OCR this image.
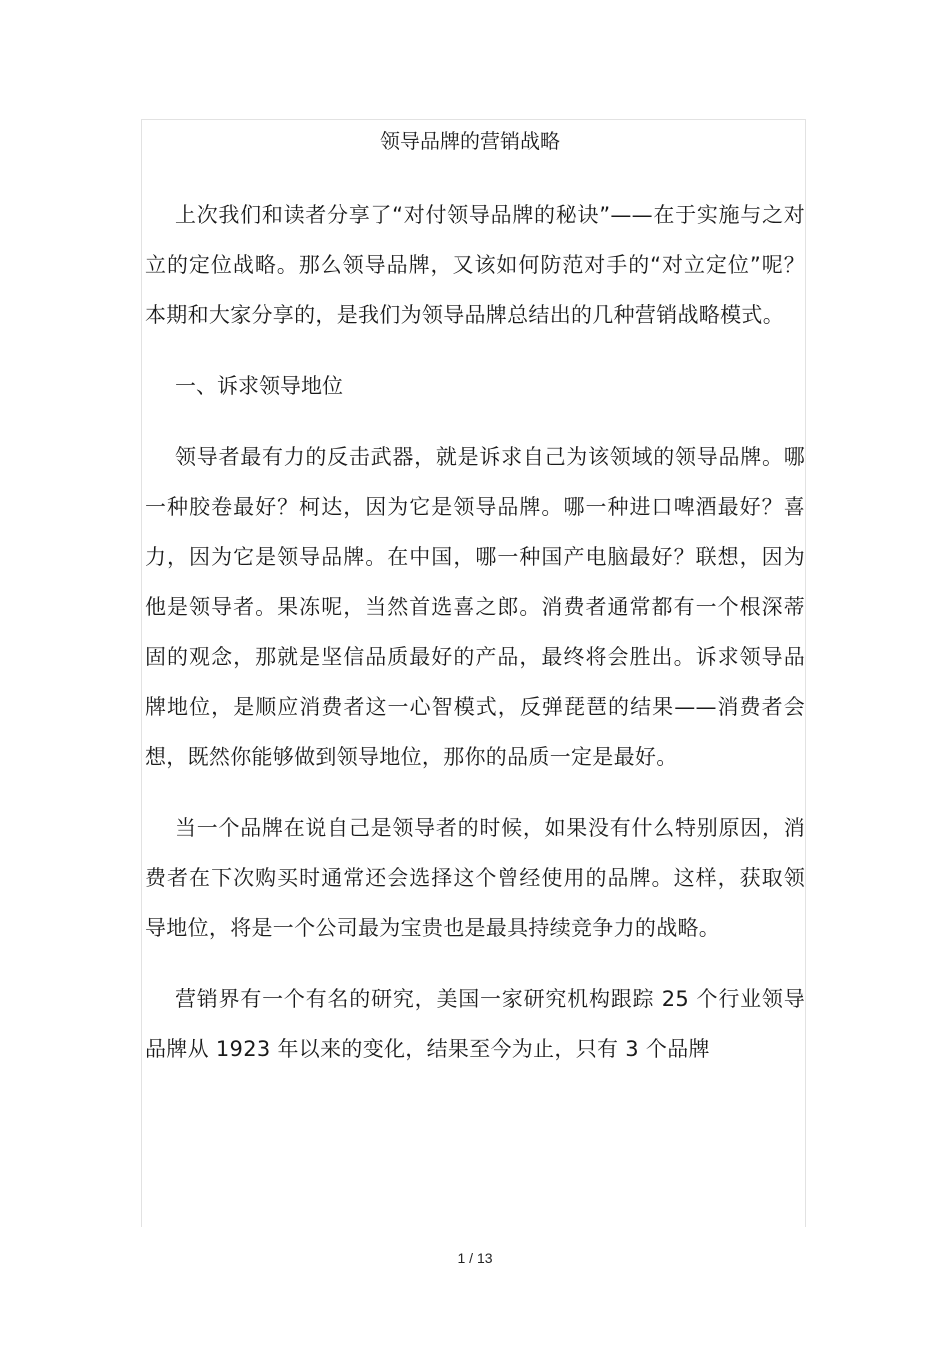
领导品牌的营销战略

上次我们和读者分享了“对付领导品牌的秘诀”——在于实施与之对立的定位战略。那么领导品牌，又该如何防范对手的“对立定位”呢？本期和大家分享的，是我们为领导品牌总结出的几种营销战略模式。

一、诉求领导地位

领导者最有力的反击武器，就是诉求自己为该领域的领导品牌。哪一种胶卷最好？柯达，因为它是领导品牌。哪一种进口啤酒最好？喜力，因为它是领导品牌。在中国，哪一种国产电脑最好？联想，因为他是领导者。果冻呢，当然首选喜之郎。消费者通常都有一个根深蒂固的观念，那就是坚信品质最好的产品，最终将会胜出。诉求领导品牌地位，是顺应消费者这一心智模式，反弹琵琶的结果——消费者会想，既然你能够做到领导地位，那你的品质一定是最好。

当一个品牌在说自己是领导者的时候，如果没有什么特别原因，消费者在下次购买时通常还会选择这个曾经使用的品牌。这样，获取领导地位，将是一个公司最为宝贵也是最具持续竞争力的战略。

营销界有一个有名的研究，美国一家研究机构跟踪 25 个行业领导品牌从 1923 年以来的变化，结果至今为止，只有 3 个品牌

1 / 13
